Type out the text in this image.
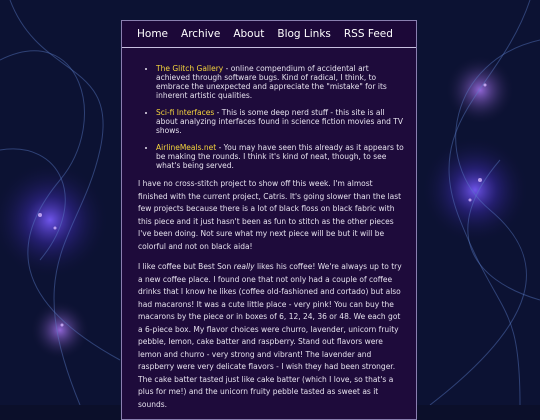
Home Archive About Blog Links RSS Feed
• The Glitch Gallery - online compendium of accidental art achieved through software bugs. Kind of radical, I think, to embrace the unexpected and appreciate the "mistake" for its inherent artistic qualities.
• Sci-fi Interfaces - This is some deep nerd stuff - this site is all about analyzing interfaces found in science fiction movies and TV shows.
• AirlineMeals.net - You may have seen this already as it appears to be making the rounds. I think it's kind of neat, though, to see what's being served.

I have no cross-stitch project to show off this week. I'm almost finished with the current project, Catris. It's going slower than the last few projects because there is a lot of black floss on black fabric with this piece and it just hasn't been as fun to stitch as the other pieces I've been doing. Not sure what my next piece will be but it will be colorful and not on black aida!

I like coffee but Best Son really likes his coffee! We're always up to try a new coffee place. I found one that not only had a couple of coffee drinks that I know he likes (coffee old-fashioned and cortado) but also had macarons! It was a cute little place - very pink! You can buy the macarons by the piece or in boxes of 6, 12, 24, 36 or 48. We each got a 6-piece box. My flavor choices were churro, lavender, unicorn fruity pebble, lemon, cake batter and raspberry. Stand out flavors were lemon and churro - very strong and vibrant! The lavender and raspberry were very delicate flavors - I wish they had been stronger. The cake batter tasted just like cake batter (which I love, so that's a plus for me!) and the unicorn fruity pebble tasted as sweet as it sounds.
